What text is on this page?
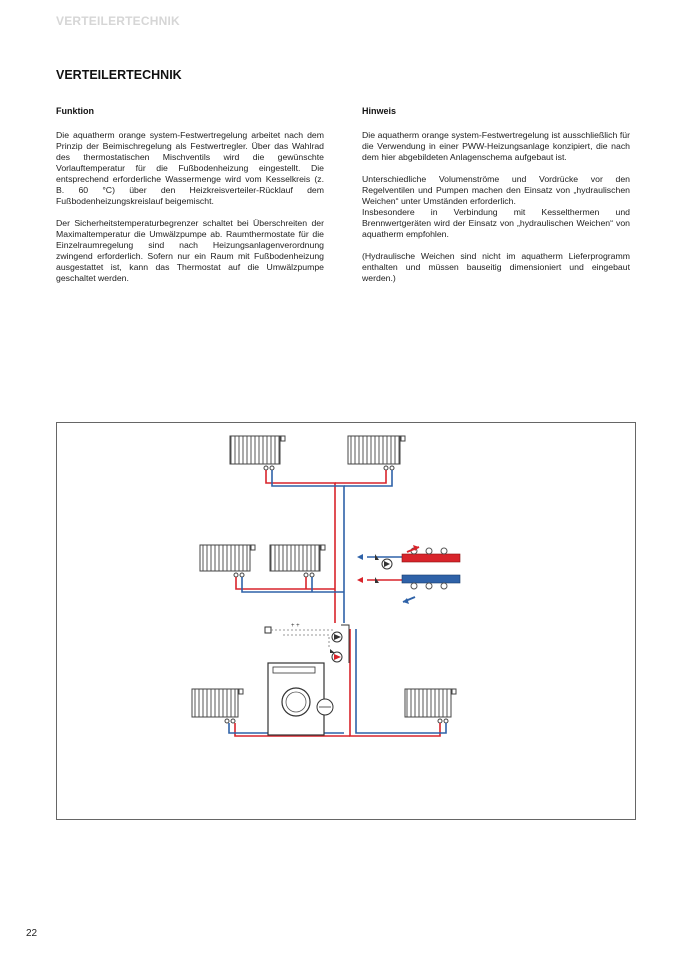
VERTEILERTECHNIK
VERTEILERTECHNIK
Funktion

Die aquatherm orange system-Festwertregelung arbeitet nach dem Prinzip der Beimischregelung als Festwertregler. Über das Wahlrad des thermostatischen Mischventils wird die gewünschte Vorlauftemperatur für die Fußbodenheizung eingestellt. Die entsprechend erforderliche Wassermenge wird vom Kesselkreis (z. B. 60 °C) über den Heizkreisverteiler-Rücklauf dem Fußbodenheizungskreislauf beigemischt.

Der Sicherheitstemperaturbegrenzer schaltet bei Überschreiten der Maximaltemperatur die Umwälzpumpe ab. Raumthermostate für die Einzelraumregelung sind nach Heizungsanlagenverordnung zwingend erforderlich. Sofern nur ein Raum mit Fußbodenheizung ausgestattet ist, kann das Thermostat auf die Umwälzpumpe geschaltet werden.

Hinweis

Die aquatherm orange system-Festwertregelung ist ausschließlich für die Verwendung in einer PWW-Heizungsanlage konzipiert, die nach dem hier abgebildeten Anlagenschema aufgebaut ist.

Unterschiedliche Volumenströme und Vordrücke vor den Regelventilen und Pumpen machen den Einsatz von „hydraulischen Weichen“ unter Umständen erforderlich.

Insbesondere in Verbindung mit Kesselthermen und Brennwertgeräten wird der Einsatz von „hydraulischen Weichen“ von aquatherm empfohlen.

(Hydraulische Weichen sind nicht im aquatherm Lieferprogramm enthalten und müssen bauseitig dimensioniert und eingebaut werden.)

+ +
22
